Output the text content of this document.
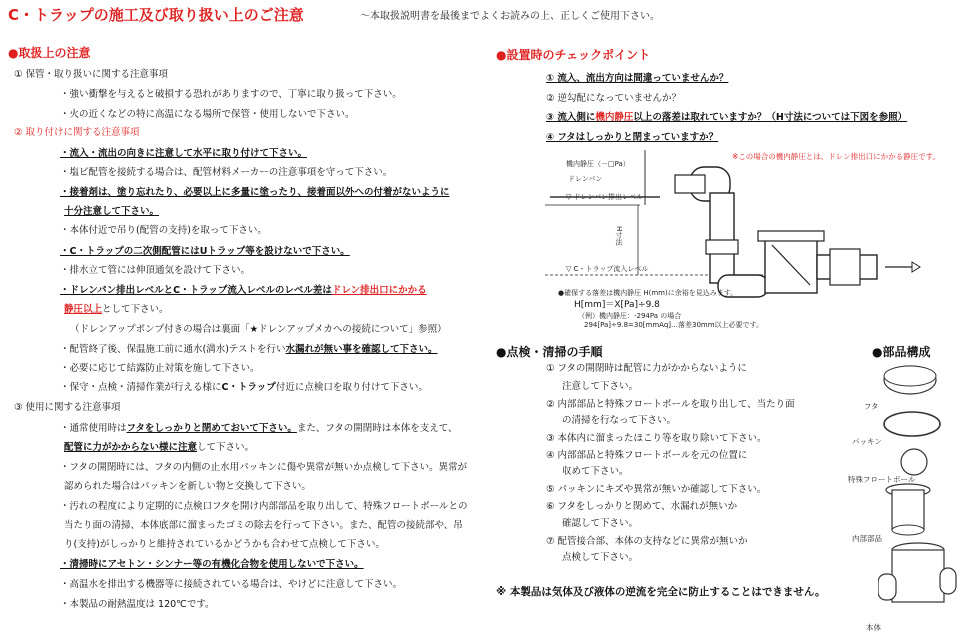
C・トラップの施工及び取り扱い上のご注意	～本取扱説明書を最後までよくお読みの上、正しくご使用下さい。
●取扱上の注意
① 保管・取り扱いに関する注意事項
・強い衝撃を与えると破損する恐れがありますので、丁寧に取り扱って下さい。
・火の近くなどの特に高温になる場所で保管・使用しないで下さい。
② 取り付けに関する注意事項
・流入・流出の向きに注意して水平に取り付けて下さい。
・塩ビ配管を接続する場合は、配管材料メーカーの注意事項を守って下さい。
・接着剤は、塗り忘れたり、必要以上に多量に塗ったり、接着面以外への付着がないように
十分注意して下さい。
・本体付近で吊り(配管の支持)を取って下さい。
・C・トラップの二次側配管にはUトラップ等を設けないで下さい。
・排水立て管には伸頂通気を設けて下さい。
・ドレンパン排出レベルとC・トラップ流入レベルのレベル差はドレン排出口にかかる
静圧以上として下さい。
（ドレンアップポンプ付きの場合は裏面「★ドレンアップメカへの接続について」参照）
・配管終了後、保温施工前に通水(満水)テストを行い水漏れが無い事を確認して下さい。
・必要に応じて結露防止対策を施して下さい。
・保守・点検・清掃作業が行える様にC・トラップ付近に点検口を取り付けて下さい。
③ 使用に関する注意事項
・通常使用時はフタをしっかりと閉めておいて下さい。また、フタの開閉時は本体を支えて、
配管に力がかからない様に注意して下さい。
・フタの開閉時には、フタの内側の止水用パッキンに傷や異常が無いか点検して下さい。異常が
認められた場合はパッキンを新しい物と交換して下さい。
・汚れの程度により定期的に点検口フタを開け内部部品を取り出して、特殊フロートボールとの
当たり面の清掃、本体底部に溜まったゴミの除去を行って下さい。また、配管の接続部や、吊
り(支持)がしっかりと維持されているかどうかも合わせて点検して下さい。
・清掃時にアセトン・シンナー等の有機化合物を使用しないで下さい。
・高温水を排出する機器等に接続されている場合は、やけどに注意して下さい。
・本製品の耐熱温度は 120℃です。
●設置時のチェックポイント
① 流入、流出方向は間違っていませんか？
② 逆勾配になっていませんか？
③ 流入側に機内静圧以上の落差は取れていますか？（H寸法については下図を参照）
④ フタはしっかりと閉まっていますか？
※この場合の機内静圧とは、ドレン排出口にかかる静圧です。
機内静圧（－□Pa）
ドレンパン
▽ ドレンパン排出レベル
▽ C・トラップ流入レベル
H寸法
●確保する落差は機内静圧 H(mm)に余裕を見込みます。
H[mm]＝X[Pa]÷9.8
（例）機内静圧：-294Pa の場合
294[Pa]÷9.8=30[mmAq]…落差30mm以上必要です。
●点検・清掃の手順
① フタの開閉時は配管に力がかからないように
注意して下さい。
② 内部部品と特殊フロートボールを取り出して、当たり面
の清掃を行なって下さい。
③ 本体内に溜まったほこり等を取り除いて下さい。
④ 内部部品と特殊フロートボールを元の位置に
収めて下さい。
⑤ パッキンにキズや異常が無いか確認して下さい。
⑥ フタをしっかりと閉めて、水漏れが無いか
確認して下さい。
⑦ 配管接合部、本体の支持などに異常が無いか
点検して下さい。
※ 本製品は気体及び液体の逆流を完全に防止することはできません。
●部品構成
フタ
パッキン
特殊フロートボール
内部部品
本体
